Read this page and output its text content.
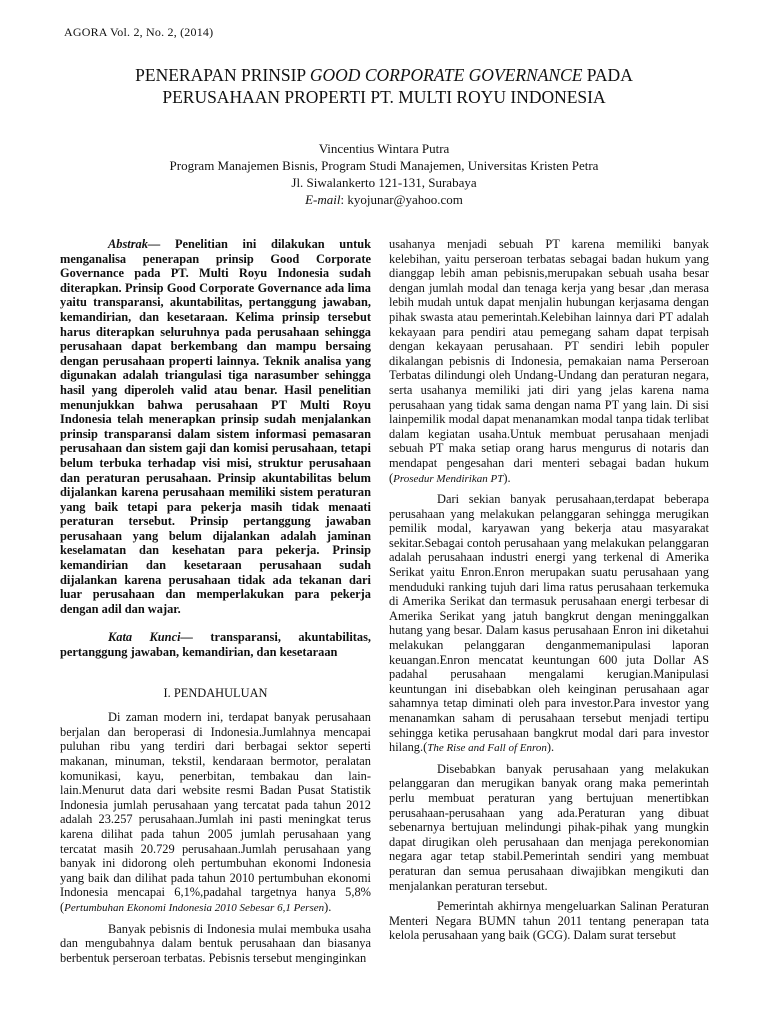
AGORA Vol. 2, No. 2, (2014)
PENERAPAN PRINSIP GOOD CORPORATE GOVERNANCE PADA
PERUSAHAAN PROPERTI PT. MULTI ROYU INDONESIA
Vincentius Wintara Putra
Program Manajemen Bisnis, Program Studi Manajemen, Universitas Kristen Petra
Jl. Siwalankerto 121-131, Surabaya
E-mail: kyojunar@yahoo.com

Abstrak— Penelitian ini dilakukan untuk menganalisa penerapan prinsip Good Corporate Governance pada PT. Multi Royu Indonesia sudah diterapkan. Prinsip Good Corporate Governance ada lima yaitu transparansi, akuntabilitas, pertanggung jawaban, kemandirian, dan kesetaraan. Kelima prinsip tersebut harus diterapkan seluruhnya pada perusahaan sehingga perusahaan dapat berkembang dan mampu bersaing dengan perusahaan properti lainnya. Teknik analisa yang digunakan adalah triangulasi tiga narasumber sehingga hasil yang diperoleh valid atau benar. Hasil penelitian menunjukkan bahwa perusahaan PT Multi Royu Indonesia telah menerapkan prinsip sudah menjalankan prinsip transparansi dalam sistem informasi pemasaran perusahaan dan sistem gaji dan komisi perusahaan, tetapi belum terbuka terhadap visi misi, struktur perusahaan dan peraturan perusahaan. Prinsip akuntabilitas belum dijalankan karena perusahaan memiliki sistem peraturan yang baik tetapi para pekerja masih tidak menaati peraturan tersebut. Prinsip pertanggung jawaban perusahaan yang belum dijalankan adalah jaminan keselamatan dan kesehatan para pekerja. Prinsip kemandirian dan kesetaraan perusahaan sudah dijalankan karena perusahaan tidak ada tekanan dari luar perusahaan dan memperlakukan para pekerja dengan adil dan wajar.

Kata Kunci— transparansi, akuntabilitas, pertanggung jawaban, kemandirian, dan kesetaraan

I. PENDAHULUAN

Di zaman modern ini, terdapat banyak perusahaan berjalan dan beroperasi di Indonesia.Jumlahnya mencapai puluhan ribu yang terdiri dari berbagai sektor seperti makanan, minuman, tekstil, kendaraan bermotor, peralatan komunikasi, kayu, penerbitan, tembakau dan lain-lain.Menurut data dari website resmi Badan Pusat Statistik Indonesia jumlah perusahaan yang tercatat pada tahun 2012 adalah 23.257 perusahaan.Jumlah ini pasti meningkat terus karena dilihat pada tahun 2005 jumlah perusahaan yang tercatat masih 20.729 perusahaan.Jumlah perusahaan yang banyak ini didorong oleh pertumbuhan ekonomi Indonesia yang baik dan dilihat pada tahun 2010 pertumbuhan ekonomi Indonesia mencapai 6,1%,padahal targetnya hanya 5,8% (Pertumbuhan Ekonomi Indonesia 2010 Sebesar 6,1 Persen).

Banyak pebisnis di Indonesia mulai membuka usaha dan mengubahnya dalam bentuk perusahaan dan biasanya berbentuk perseroan terbatas. Pebisnis tersebut menginginkan

usahanya menjadi sebuah PT karena memiliki banyak kelebihan, yaitu perseroan terbatas sebagai badan hukum yang dianggap lebih aman pebisnis,merupakan sebuah usaha besar dengan jumlah modal dan tenaga kerja yang besar ,dan merasa lebih mudah untuk dapat menjalin hubungan kerjasama dengan pihak swasta atau pemerintah.Kelebihan lainnya dari PT adalah kekayaan para pendiri atau pemegang saham dapat terpisah dengan kekayaan perusahaan. PT sendiri lebih populer dikalangan pebisnis di Indonesia, pemakaian nama Perseroan Terbatas dilindungi oleh Undang-Undang dan peraturan negara, serta usahanya memiliki jati diri yang jelas karena nama perusahaan yang tidak sama dengan nama PT yang lain. Di sisi lainpemilik modal dapat menanamkan modal tanpa tidak terlibat dalam kegiatan usaha.Untuk membuat perusahaan menjadi sebuah PT maka setiap orang harus mengurus di notaris dan mendapat pengesahan dari menteri sebagai badan hukum (Prosedur Mendirikan PT).

Dari sekian banyak perusahaan,terdapat beberapa perusahaan yang melakukan pelanggaran sehingga merugikan pemilik modal, karyawan yang bekerja atau masyarakat sekitar.Sebagai contoh perusahaan yang melakukan pelanggaran adalah perusahaan industri energi yang terkenal di Amerika Serikat yaitu Enron.Enron merupakan suatu perusahaan yang menduduki ranking tujuh dari lima ratus perusahaan terkemuka di Amerika Serikat dan termasuk perusahaan energi terbesar di Amerika Serikat yang jatuh bangkrut dengan meninggalkan hutang yang besar. Dalam kasus perusahaan Enron ini diketahui melakukan pelanggaran denganmemanipulasi laporan keuangan.Enron mencatat keuntungan 600 juta Dollar AS padahal perusahaan mengalami kerugian.Manipulasi keuntungan ini disebabkan oleh keinginan perusahaan agar sahamnya tetap diminati oleh para investor.Para investor yang menanamkan saham di perusahaan tersebut menjadi tertipu sehingga ketika perusahaan bangkrut modal dari para investor hilang.(The Rise and Fall of Enron).

Disebabkan banyak perusahaan yang melakukan pelanggaran dan merugikan banyak orang maka pemerintah perlu membuat peraturan yang bertujuan menertibkan perusahaan-perusahaan yang ada.Peraturan yang dibuat sebenarnya bertujuan melindungi pihak-pihak yang mungkin dapat dirugikan oleh perusahaan dan menjaga perekonomian negara agar tetap stabil.Pemerintah sendiri yang membuat peraturan dan semua perusahaan diwajibkan mengikuti dan menjalankan peraturan tersebut.

Pemerintah akhirnya mengeluarkan Salinan Peraturan Menteri Negara BUMN tahun 2011 tentang penerapan tata kelola perusahaan yang baik (GCG). Dalam surat tersebut
